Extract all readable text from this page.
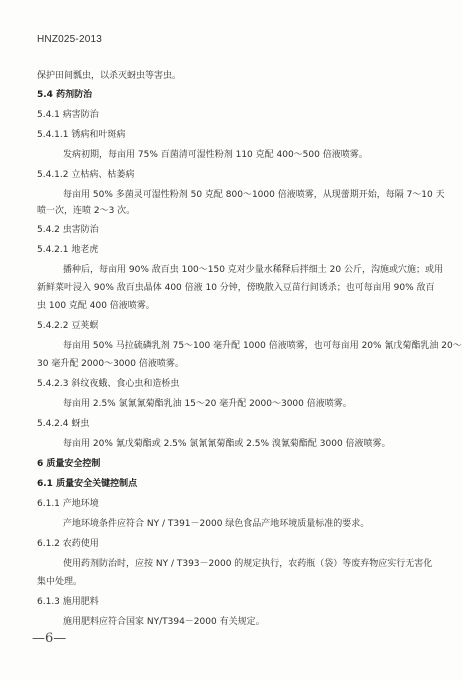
HNZ025-2013
保护田间瓢虫，以杀灭蚜虫等害虫。
5.4 药剂防治
5.4.1 病害防治
5.4.1.1 锈病和叶斑病
发病初期，每亩用 75% 百菌清可湿性粉剂 110 克配 400～500 倍液喷雾。
5.4.1.2 立枯病、枯萎病
每亩用 50% 多菌灵可湿性粉剂 50 克配 800～1000 倍液喷雾，从现蕾期开始，每隔 7～10 天
喷一次，连喷 2～3 次。
5.4.2 虫害防治
5.4.2.1 地老虎
播种后，每亩用 90% 敌百虫 100～150 克对少量水稀释后拌细土 20 公斤，沟施或穴施；或用
新鲜菜叶浸入 90% 敌百虫晶体 400 倍液 10 分钟，傍晚散入豆苗行间诱杀；也可每亩用 90% 敌百
虫 100 克配 400 倍液喷雾。
5.4.2.2 豆荚螟
每亩用 50% 马拉硫磷乳剂 75～100 毫升配 1000 倍液喷雾，也可每亩用 20% 氰戊菊酯乳油 20～
30 毫升配 2000～3000 倍液喷雾。
5.4.2.3 斜纹夜蛾、食心虫和造桥虫
每亩用 2.5% 氯氰氰菊酯乳油 15～20 毫升配 2000～3000 倍液喷雾。
5.4.2.4 蚜虫
每亩用 20% 氰戊菊酯或 2.5% 氯氰氰菊酯或 2.5% 溴氰菊酯配 3000 倍液喷雾。
6 质量安全控制
6.1 质量安全关键控制点
6.1.1 产地环境
产地环境条件应符合 NY / T391－2000 绿色食品产地环境质量标准的要求。
6.1.2 农药使用
使用药剂防治时，应按 NY / T393－2000 的规定执行，农药瓶（袋）等废弃物应实行无害化
集中处理。
6.1.3 施用肥料
施用肥料应符合国家 NY/T394－2000 有关规定。
—6—
